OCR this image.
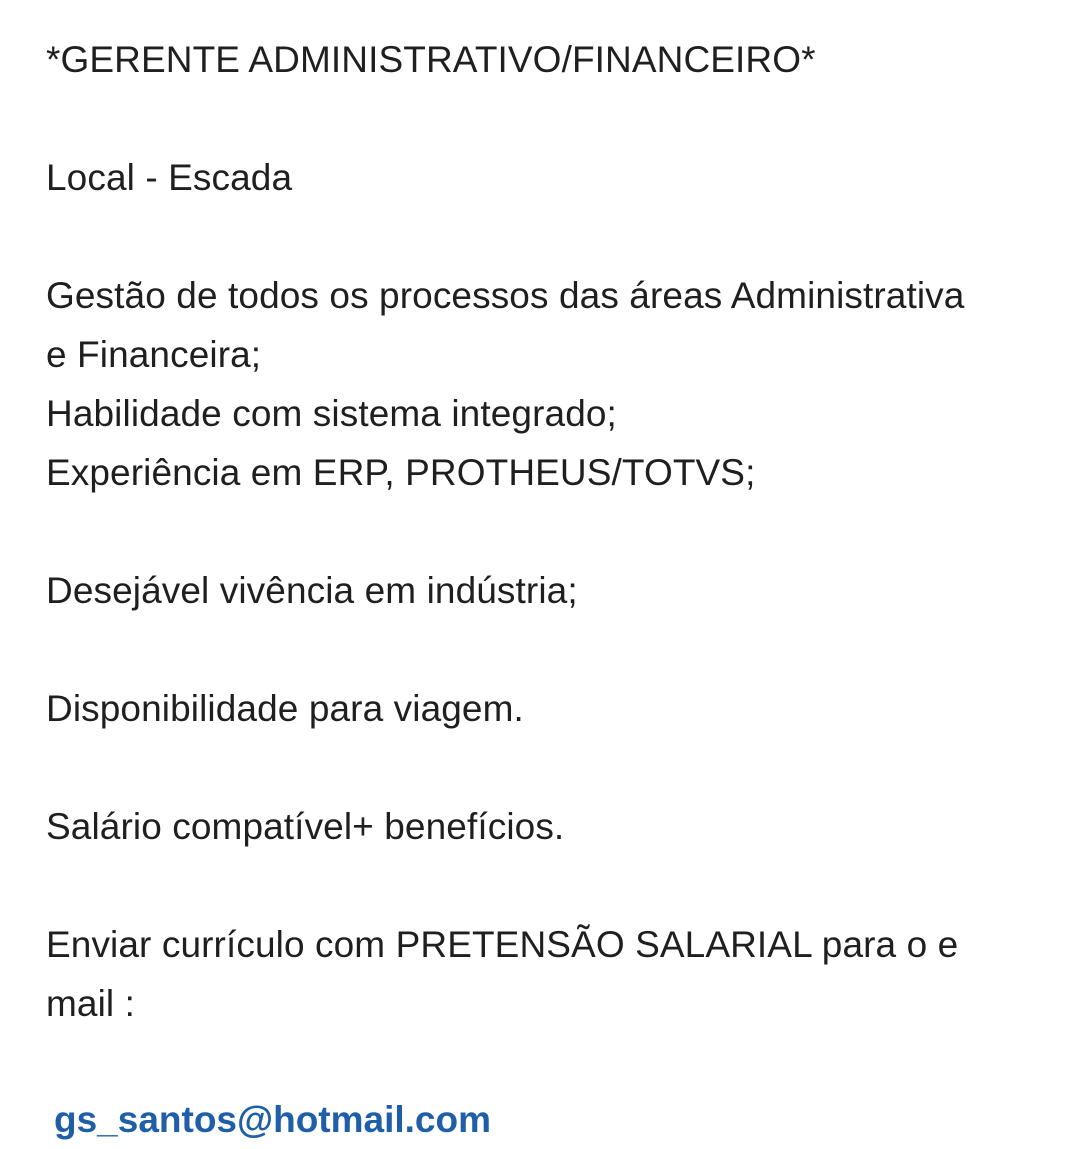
*GERENTE ADMINISTRATIVO/FINANCEIRO*
Local - Escada
Gestão de todos os processos das áreas Administrativa
e Financeira;
Habilidade com sistema integrado;
Experiência em ERP, PROTHEUS/TOTVS;
Desejável vivência em indústria;
Disponibilidade para viagem.
Salário compatível+ benefícios.
Enviar currículo com PRETENSÃO SALARIAL para o e
mail :
gs_santos@hotmail.com
